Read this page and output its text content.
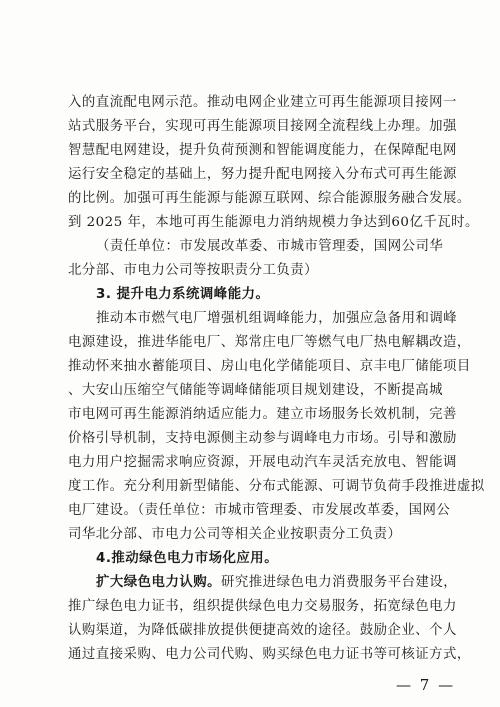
入的直流配电网示范。推动电网企业建立可再生能源项目接网一
站式服务平台，实现可再生能源项目接网全流程线上办理。加强
智慧配电网建设，提升负荷预测和智能调度能力，在保障配电网
运行安全稳定的基础上，努力提升配电网接入分布式可再生能源
的比例。加强可再生能源与能源互联网、综合能源服务融合发展。
到 2025 年，本地可再生能源电力消纳规模力争达到60亿千瓦时。
（责任单位：市发展改革委、市城市管理委，国网公司华
北分部、市电力公司等按职责分工负责）
3. 提升电力系统调峰能力。
推动本市燃气电厂增强机组调峰能力，加强应急备用和调峰
电源建设，推进华能电厂、郑常庄电厂等燃气电厂热电解耦改造，
推动怀来抽水蓄能项目、房山电化学储能项目、京丰电厂储能项目
、大安山压缩空气储能等调峰储能项目规划建设，不断提高城
市电网可再生能源消纳适应能力。建立市场服务长效机制，完善
价格引导机制，支持电源侧主动参与调峰电力市场。引导和激励
电力用户挖掘需求响应资源，开展电动汽车灵活充放电、智能调
度工作。充分利用新型储能、分布式能源、可调节负荷手段推进虚拟
电厂建设。（责任单位：市城市管理委、市发展改革委，国网公
司华北分部、市电力公司等相关企业按职责分工负责）
4.推动绿色电力市场化应用。
扩大绿色电力认购。研究推进绿色电力消费服务平台建设，
推广绿色电力证书，组织提供绿色电力交易服务，拓宽绿色电力
认购渠道，为降低碳排放提供便捷高效的途径。鼓励企业、个人
通过直接采购、电力公司代购、购买绿色电力证书等可核证方式，
— 7 —
